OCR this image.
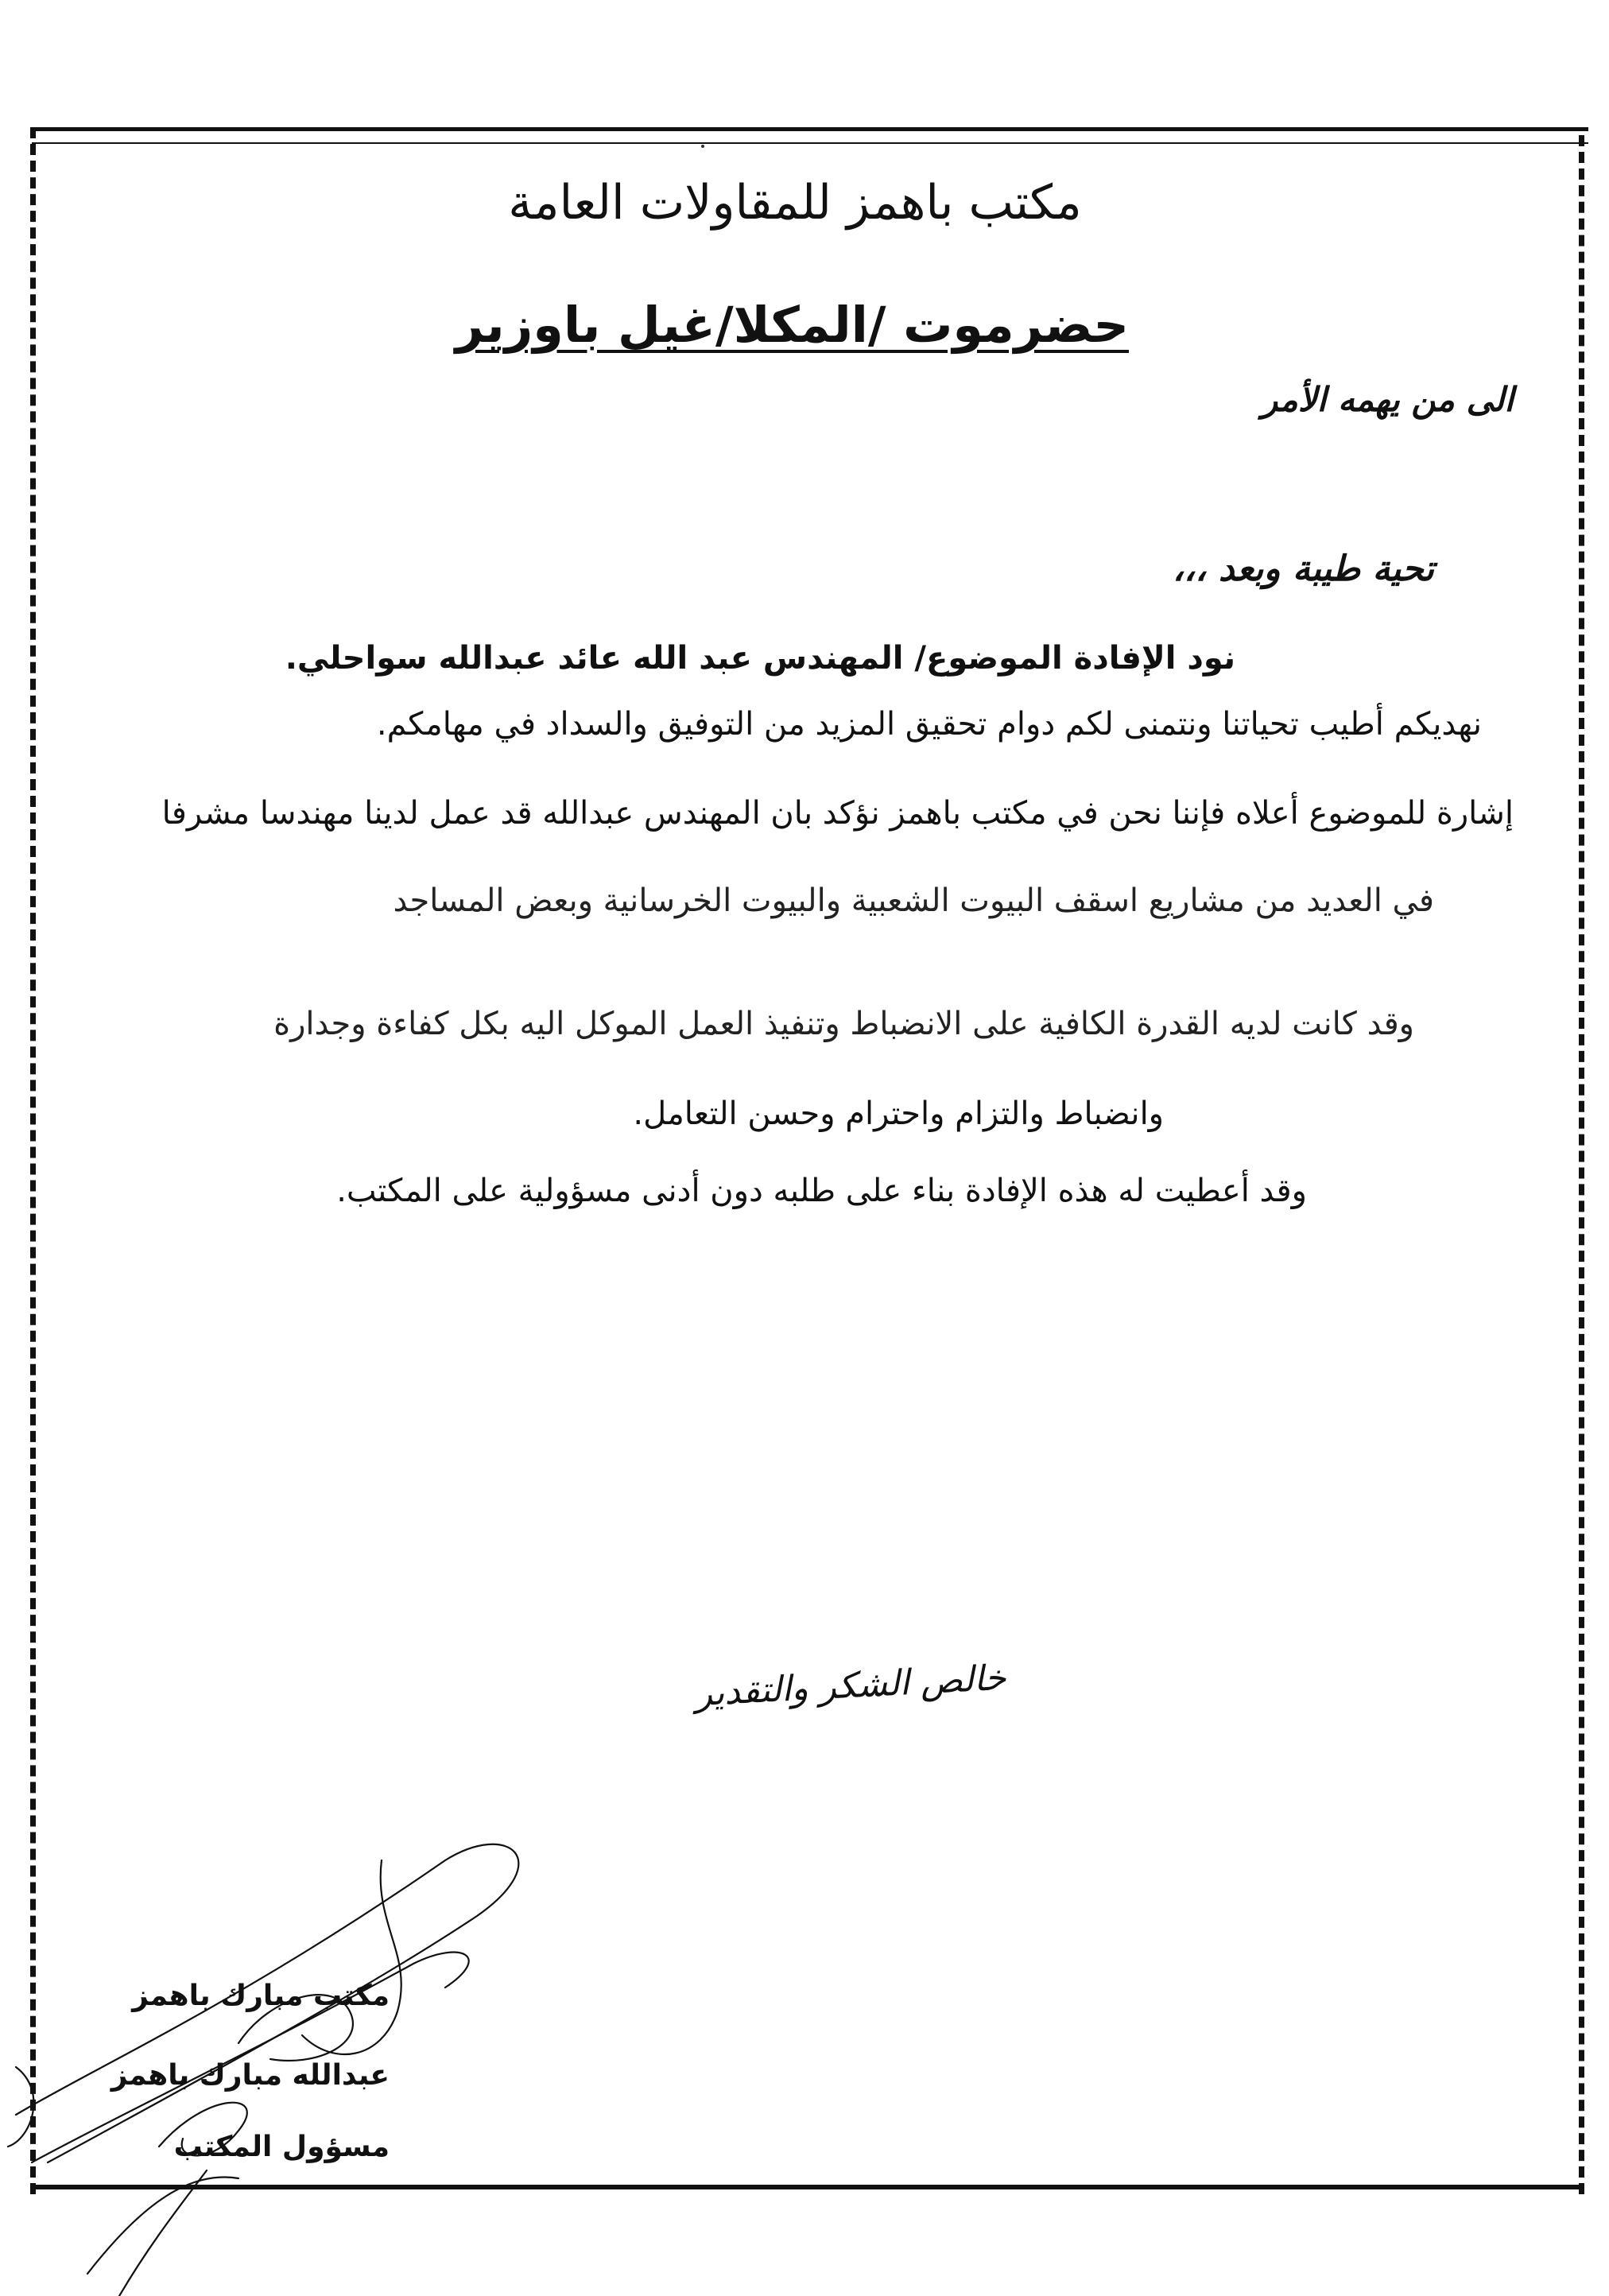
مكتب باهمز للمقاولات العامة
حضرموت /المكلا/غيل باوزير
الى من يهمه الأمر
تحية طيبة وبعد ،،،
نود الإفادة الموضوع/ المهندس عبد الله عائد عبدالله سواحلي.
نهديكم أطيب تحياتنا ونتمنى لكم دوام تحقيق المزيد من التوفيق والسداد في مهامكم.
إشارة للموضوع أعلاه فإننا نحن في مكتب باهمز نؤكد بان المهندس عبدالله قد عمل لدينا مهندسا مشرفا
في العديد من مشاريع اسقف البيوت الشعبية والبيوت الخرسانية وبعض المساجد
وقد كانت لديه القدرة الكافية على الانضباط وتنفيذ العمل الموكل اليه بكل كفاءة وجدارة
وانضباط والتزام واحترام وحسن التعامل.
وقد أعطيت له هذه الإفادة بناء على طلبه دون أدنى مسؤولية على المكتب.
خالص الشكر والتقدير
مكتب مبارك باهمز
عبدالله مبارك باهمز
مسؤول المكتب
